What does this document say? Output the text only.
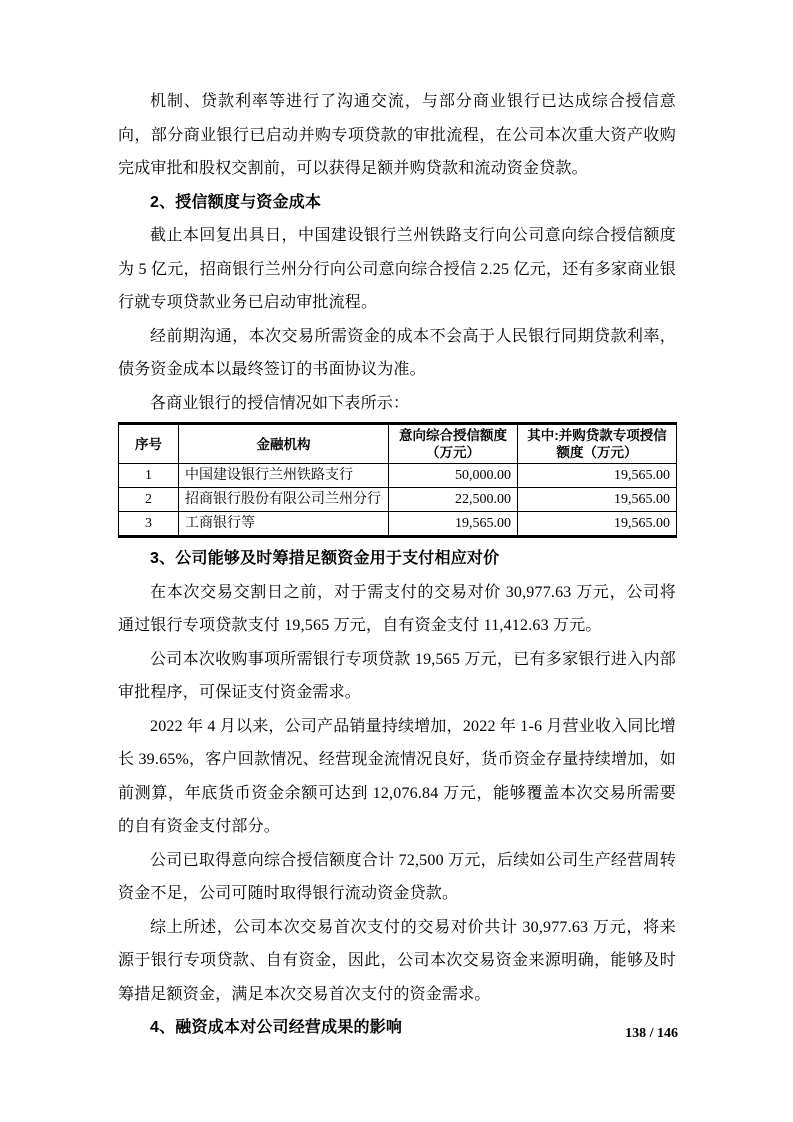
机制、贷款利率等进行了沟通交流，与部分商业银行已达成综合授信意向，部分商业银行已启动并购专项贷款的审批流程，在公司本次重大资产收购完成审批和股权交割前，可以获得足额并购贷款和流动资金贷款。

2、授信额度与资金成本

截止本回复出具日，中国建设银行兰州铁路支行向公司意向综合授信额度为 5 亿元，招商银行兰州分行向公司意向综合授信 2.25 亿元，还有多家商业银行就专项贷款业务已启动审批流程。

经前期沟通，本次交易所需资金的成本不会高于人民银行同期贷款利率，债务资金成本以最终签订的书面协议为准。

各商业银行的授信情况如下表所示：

序号	金融机构	意向综合授信额度（万元）	其中:并购贷款专项授信额度（万元）
1	中国建设银行兰州铁路支行	50,000.00	19,565.00
2	招商银行股份有限公司兰州分行	22,500.00	19,565.00
3	工商银行等	19,565.00	19,565.00
3、公司能够及时筹措足额资金用于支付相应对价

在本次交易交割日之前，对于需支付的交易对价 30,977.63 万元，公司将通过银行专项贷款支付 19,565 万元，自有资金支付 11,412.63 万元。

公司本次收购事项所需银行专项贷款 19,565 万元，已有多家银行进入内部审批程序，可保证支付资金需求。

2022 年 4 月以来，公司产品销量持续增加，2022 年 1-6 月营业收入同比增长 39.65%，客户回款情况、经营现金流情况良好，货币资金存量持续增加，如前测算，年底货币资金余额可达到 12,076.84 万元，能够覆盖本次交易所需要的自有资金支付部分。

公司已取得意向综合授信额度合计 72,500 万元，后续如公司生产经营周转资金不足，公司可随时取得银行流动资金贷款。

综上所述，公司本次交易首次支付的交易对价共计 30,977.63 万元，将来源于银行专项贷款、自有资金，因此，公司本次交易资金来源明确，能够及时筹措足额资金，满足本次交易首次支付的资金需求。

4、融资成本对公司经营成果的影响	138 / 146
